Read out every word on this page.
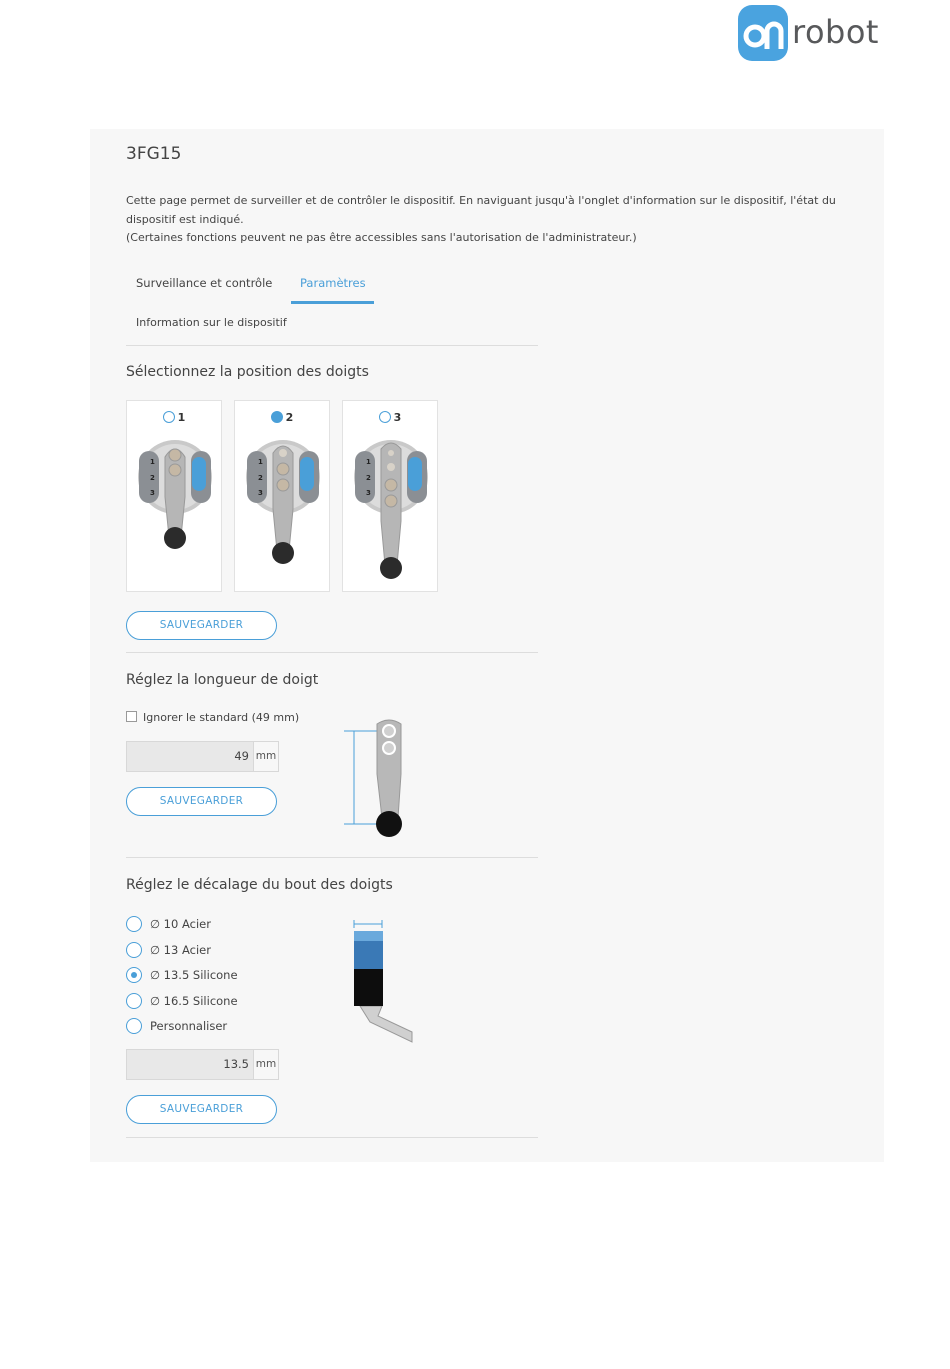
robot
3FG15
Cette page permet de surveiller et de contrôler le dispositif. En naviguant jusqu'à l'onglet d'information sur le dispositif, l'état du dispositif est indiqué.
(Certaines fonctions peuvent ne pas être accessibles sans l'autorisation de l'administrateur.)
Surveillance et contrôle Paramètres
Information sur le dispositif
Sélectionnez la position des doigts
1
1
2
3
2
1
2
3
3
1
2
3
SAUVEGARDER
Réglez la longueur de doigt
Ignorer le standard (49 mm)
49 mm
SAUVEGARDER
Réglez le décalage du bout des doigts
∅ 10 Acier
∅ 13 Acier
∅ 13.5 Silicone
∅ 16.5 Silicone
Personnaliser
13.5 mm
SAUVEGARDER
